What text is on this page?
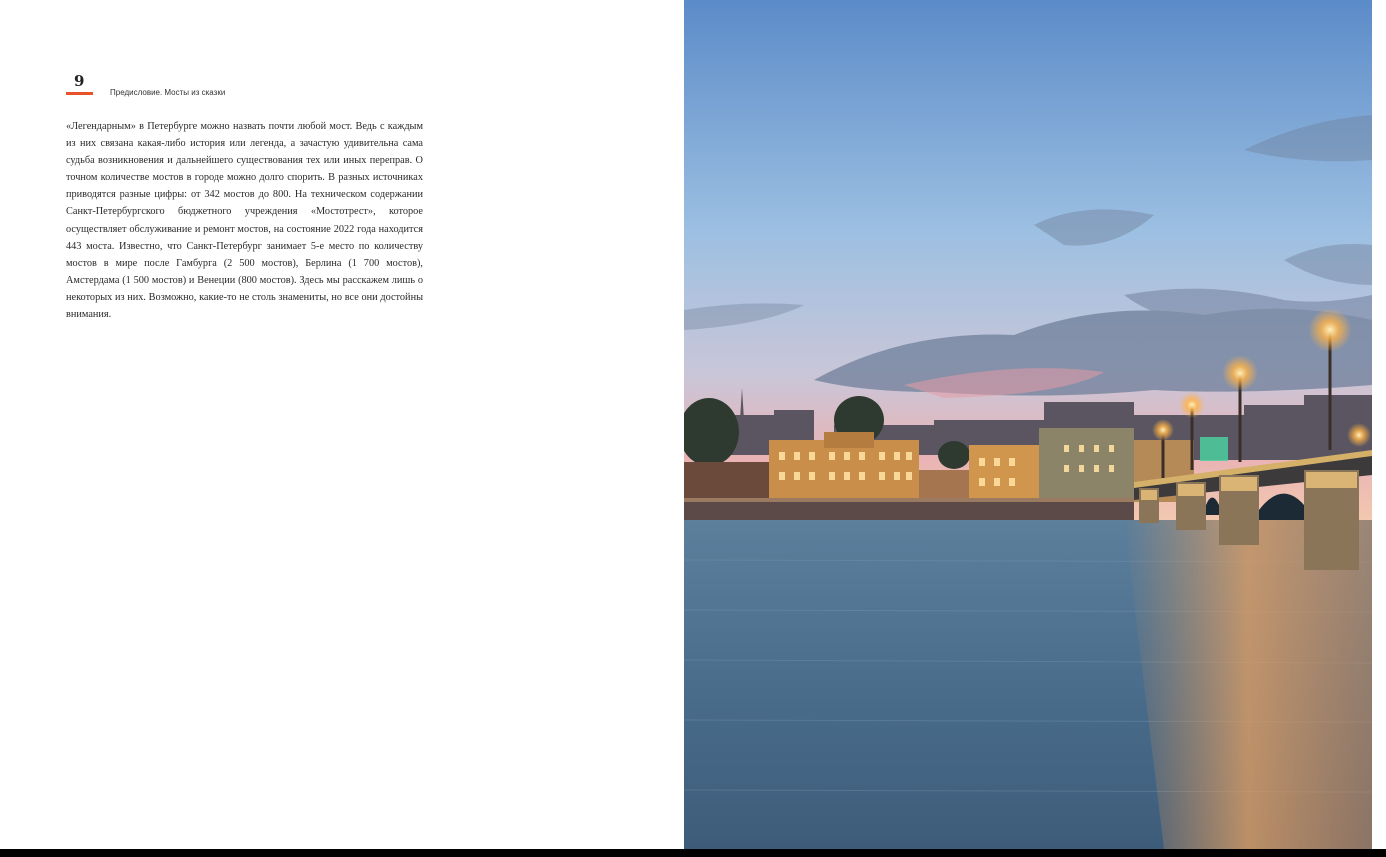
9
Предисловие. Мосты из сказки

«Легендарным» в Петербурге можно назвать почти любой мост. Ведь с каждым из них связана какая-либо история или легенда, а зачастую удивительна сама судьба возникновения и дальнейшего существования тех или иных переправ. О точном количестве мостов в городе можно долго спорить. В разных источниках приводятся разные цифры: от 342 мостов до 800. На техническом содержании Санкт-Петербургского бюджетного учреждения «Мостотрест», которое осуществляет обслуживание и ремонт мостов, на состояние 2022 года находится 443 моста. Известно, что Санкт-Петербург занимает 5-е место по количеству мостов в мире после Гамбурга (2 500 мостов), Берлина (1 700 мостов), Амстердама (1 500 мостов) и Венеции (800 мостов). Здесь мы расскажем лишь о некоторых из них. Возможно, какие-то не столь знамениты, но все они достойны внимания.
